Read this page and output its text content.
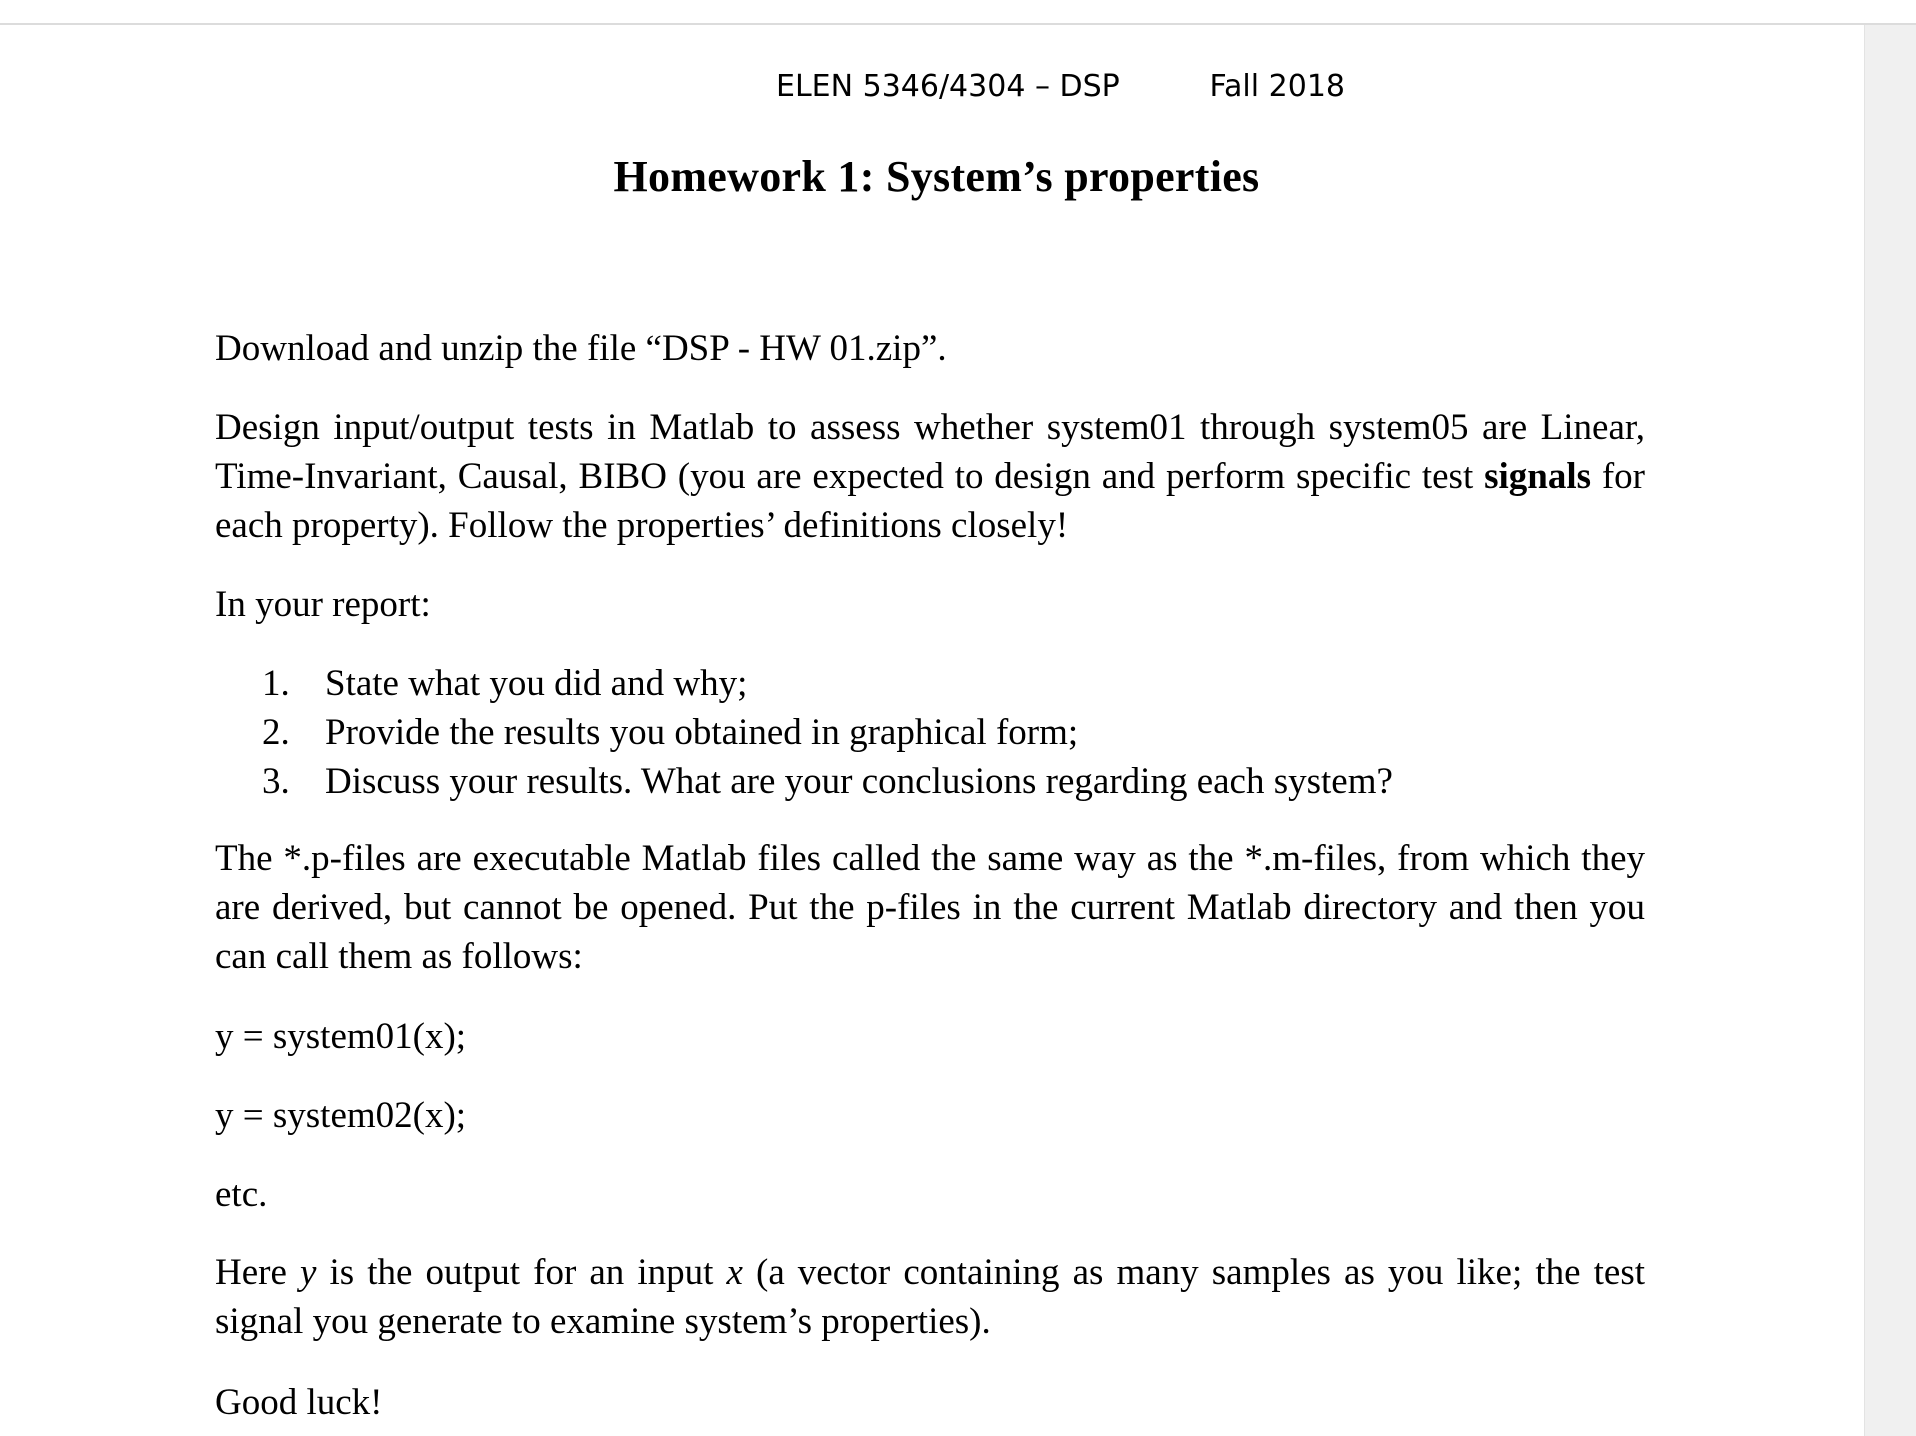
ELEN 5346/4304 – DSP	Fall 2018
Homework 1: System’s properties

Download and unzip the file “DSP - HW 01.zip”.

Design input/output tests in Matlab to assess whether system01 through system05 are Linear, Time-Invariant, Causal, BIBO (you are expected to design and perform specific test signals for each property). Follow the properties’ definitions closely!

In your report:

1. State what you did and why;
2. Provide the results you obtained in graphical form;
3. Discuss your results. What are your conclusions regarding each system?

The *.p-files are executable Matlab files called the same way as the *.m-files, from which they are derived, but cannot be opened. Put the p-files in the current Matlab directory and then you can call them as follows:

y = system01(x);

y = system02(x);

etc.

Here y is the output for an input x (a vector containing as many samples as you like; the test signal you generate to examine system’s properties).

Good luck!
